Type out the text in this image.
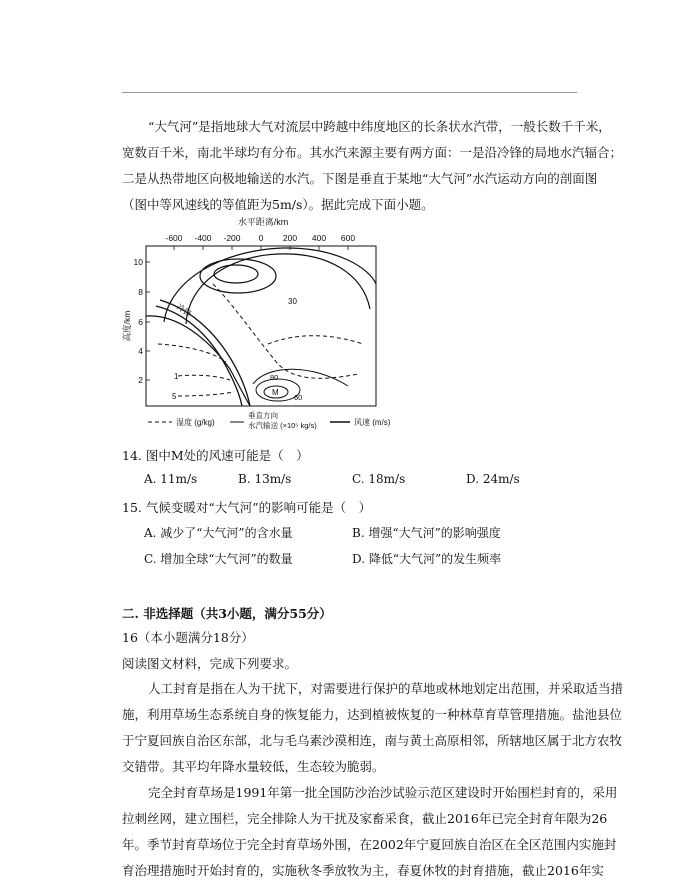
“大气河”是指地球大气对流层中跨越中纬度地区的长条状水汽带，一般长数千千米，
宽数百千米，南北半球均有分布。其水汽来源主要有两方面：一是沿冷锋的局地水汽辐合；
二是从热带地区向极地输送的水汽。下图是垂直于某地“大气河”水汽运动方向的剖面图
（图中等风速线的等值距为5m/s）。据此完成下面小题。
水平距离/km
-600 -400 -200 0 200 400 600
10
8
6
4
2
高度/km
冷锋
1
5
30
M
80
60
湿度 (g/kg)
垂直方向
水汽输送 (×10⁵ kg/s)	风速 (m/s)
14. 图中M处的风速可能是（　）
A. 11m/s	B. 13m/s	C. 18m/s	D. 24m/s
15. 气候变暖对“大气河”的影响可能是（　）
A. 减少了“大气河”的含水量	B. 增强“大气河”的影响强度
C. 增加全球“大气河”的数量	D. 降低“大气河”的发生频率
二. 非选择题（共3小题，满分55分）
16（本小题满分18分）
阅读图文材料，完成下列要求。
人工封育是指在人为干扰下，对需要进行保护的草地或林地划定出范围，并采取适当措
施，利用草场生态系统自身的恢复能力，达到植被恢复的一种林草育草管理措施。盐池县位
于宁夏回族自治区东部，北与毛乌素沙漠相连，南与黄土高原相邻，所辖地区属于北方农牧
交错带。其平均年降水量较低，生态较为脆弱。
完全封育草场是1991年第一批全国防沙治沙试验示范区建设时开始围栏封育的，采用
拉刺丝网，建立围栏，完全排除人为干扰及家畜采食，截止2016年已完全封育年限为26
年。季节封育草场位于完全封育草场外围，在2002年宁夏回族自治区在全区范围内实施封
育治理措施时开始封育的，实施秋冬季放牧为主，春夏休牧的封育措施，截止2016年实
